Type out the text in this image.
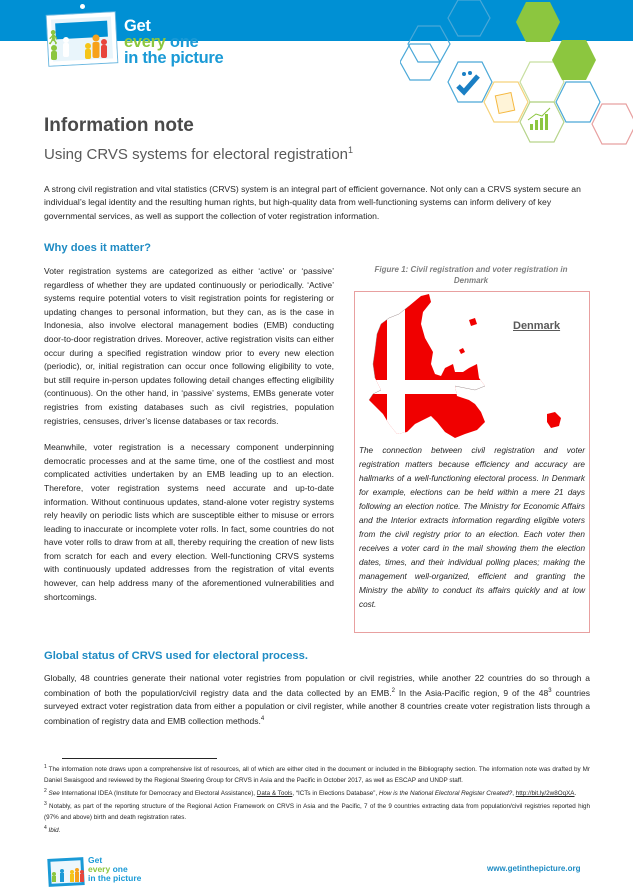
🚶︎
Get
every one
in the picture
Information note
Using CRVS systems for electoral registration$^1$
A strong civil registration and vital statistics (CRVS) system is an integral part of efficient governance. Not only can a CRVS system secure an individual’s legal identity and the resulting human rights, but high-quality data from well-functioning systems can inform delivery of key governmental services, as well as support the collection of voter registration information.
Why does it matter?

Voter registration systems are categorized as either ‘active’ or ‘passive’ regardless of whether they are updated continuously or periodically. ‘Active’ systems require potential voters to visit registration points for registering or updating changes to personal information, but they can, as is the case in Indonesia, also involve electoral management bodies (EMB) conducting door-to-door registration drives. Moreover, active registration visits can either occur during a specified registration window prior to every new election (periodic), or, initial registration can occur once following eligibility to vote, but still require in-person updates following detail changes effecting eligibility (continuous). On the other hand, in ‘passive’ systems, EMBs generate voter registries from existing databases such as civil registries, population registries, censuses, driver’s license databases or tax records.

Meanwhile, voter registration is a necessary component underpinning democratic processes and at the same time, one of the costliest and most complicated activities undertaken by an EMB leading up to an election. Therefore, voter registration systems need accurate and up-to-date information. Without continuous updates, stand-alone voter registry systems rely heavily on periodic lists which are susceptible either to misuse or errors leading to inaccurate or incomplete voter rolls. In fact, some countries do not have voter rolls to draw from at all, thereby requiring the creation of new lists from scratch for each and every election. Well-functioning CRVS systems with continuously updated addresses from the registration of vital events however, can help address many of the aforementioned vulnerabilities and shortcomings.

Figure 1: Civil registration and voter registration in Denmark
Denmark
The connection between civil registration and voter registration matters because efficiency and accuracy are hallmarks of a well-functioning electoral process. In Denmark for example, elections can be held within a mere 21 days following an election notice. The Ministry for Economic Affairs and the Interior extracts information regarding eligible voters from the civil registry prior to an election. Each voter then receives a voter card in the mail showing them the election dates, times, and their individual polling places; making the management well-organized, efficient and granting the Ministry the ability to conduct its affairs quickly and at low cost.
Global status of CRVS used for electoral process.
Globally, 48 countries generate their national voter registries from population or civil registries, while another 22 countries do so through a combination of both the population/civil registry data and the data collected by an EMB.$^2$ In the Asia-Pacific region, 9 of the $48^3$ countries surveyed extract voter registration data from either a population or civil register, while another 8 countries create voter registration lists through a combination of registry data and EMB collection methods.$^4$
$^1$ The information note draws upon a comprehensive list of resources, all of which are either cited in the document or included in the Bibliography section. The information note was drafted by Mr Daniel Swaisgood and reviewed by the Regional Steering Group for CRVS in Asia and the Pacific in October 2017, as well as ESCAP and UNDP staff.
$^2$ See International IDEA (Institute for Democracy and Electoral Assistance), Data & Tools, “ICTs in Elections Database”, How is the National Electoral Register Created?, http://bit.ly/2w8OqXA.
$^3$ Notably, as part of the reporting structure of the Regional Action Framework on CRVS in Asia and the Pacific, 7 of the 9 countries extracting data from population/civil registries reported high (97% and above) birth and death registration rates.
$^4$ Ibid.
Get
every one
in the picture
www.getinthepicture.org
